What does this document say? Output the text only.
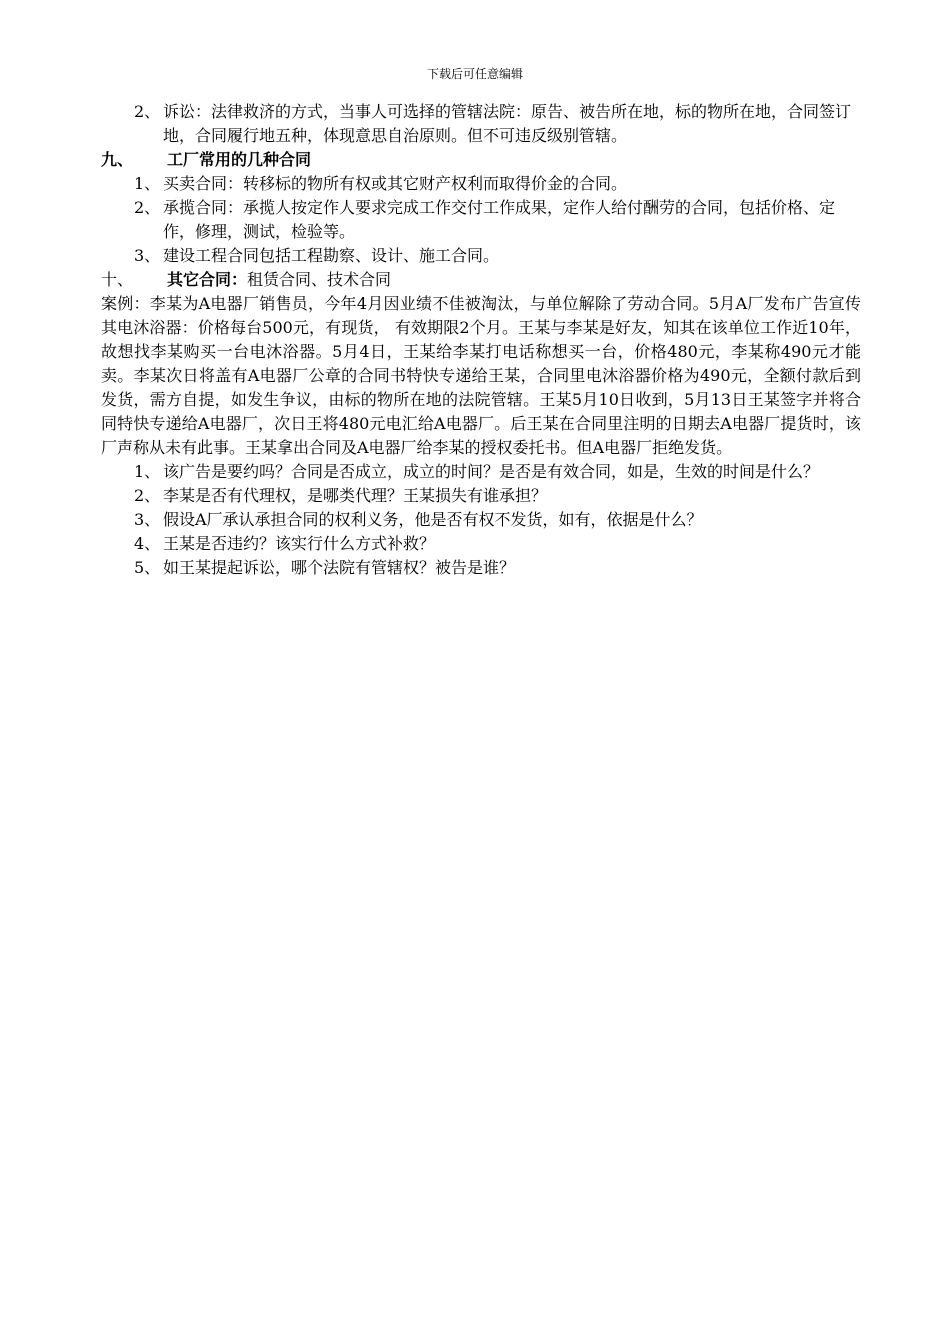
下载后可任意编辑
2、 诉讼：法律救济的方式，当事人可选择的管辖法院：原告、被告所在地，标的物所在地，合同签订地，合同履行地五种，体现意思自治原则。但不可违反级别管辖。
九、 工厂常用的几种合同
1、 买卖合同：转移标的物所有权或其它财产权利而取得价金的合同。
2、 承揽合同：承揽人按定作人要求完成工作交付工作成果，定作人给付酬劳的合同，包括价格、定作，修理，测试，检验等。
3、 建设工程合同包括工程勘察、设计、施工合同。
十、 其它合同：租赁合同、技术合同
案例：李某为A电器厂销售员，今年4月因业绩不佳被淘汰，与单位解除了劳动合同。5月A厂发布广告宣传其电沐浴器：价格每台500元，有现货， 有效期限2个月。王某与李某是好友，知其在该单位工作近10年，故想找李某购买一台电沐浴器。5月4日，王某给李某打电话称想买一台，价格480元，李某称490元才能卖。李某次日将盖有A电器厂公章的合同书特快专递给王某，合同里电沐浴器价格为490元，全额付款后到发货，需方自提，如发生争议，由标的物所在地的法院管辖。王某5月10日收到，5月13日王某签字并将合同特快专递给A电器厂，次日王将480元电汇给A电器厂。后王某在合同里注明的日期去A电器厂提货时，该厂声称从未有此事。王某拿出合同及A电器厂给李某的授权委托书。但A电器厂拒绝发货。
1、 该广告是要约吗？合同是否成立，成立的时间？是否是有效合同，如是，生效的时间是什么？
2、 李某是否有代理权，是哪类代理？王某损失有谁承担？
3、 假设A厂承认承担合同的权利义务，他是否有权不发货，如有，依据是什么？
4、 王某是否违约？该实行什么方式补救？
5、 如王某提起诉讼，哪个法院有管辖权？被告是谁？
